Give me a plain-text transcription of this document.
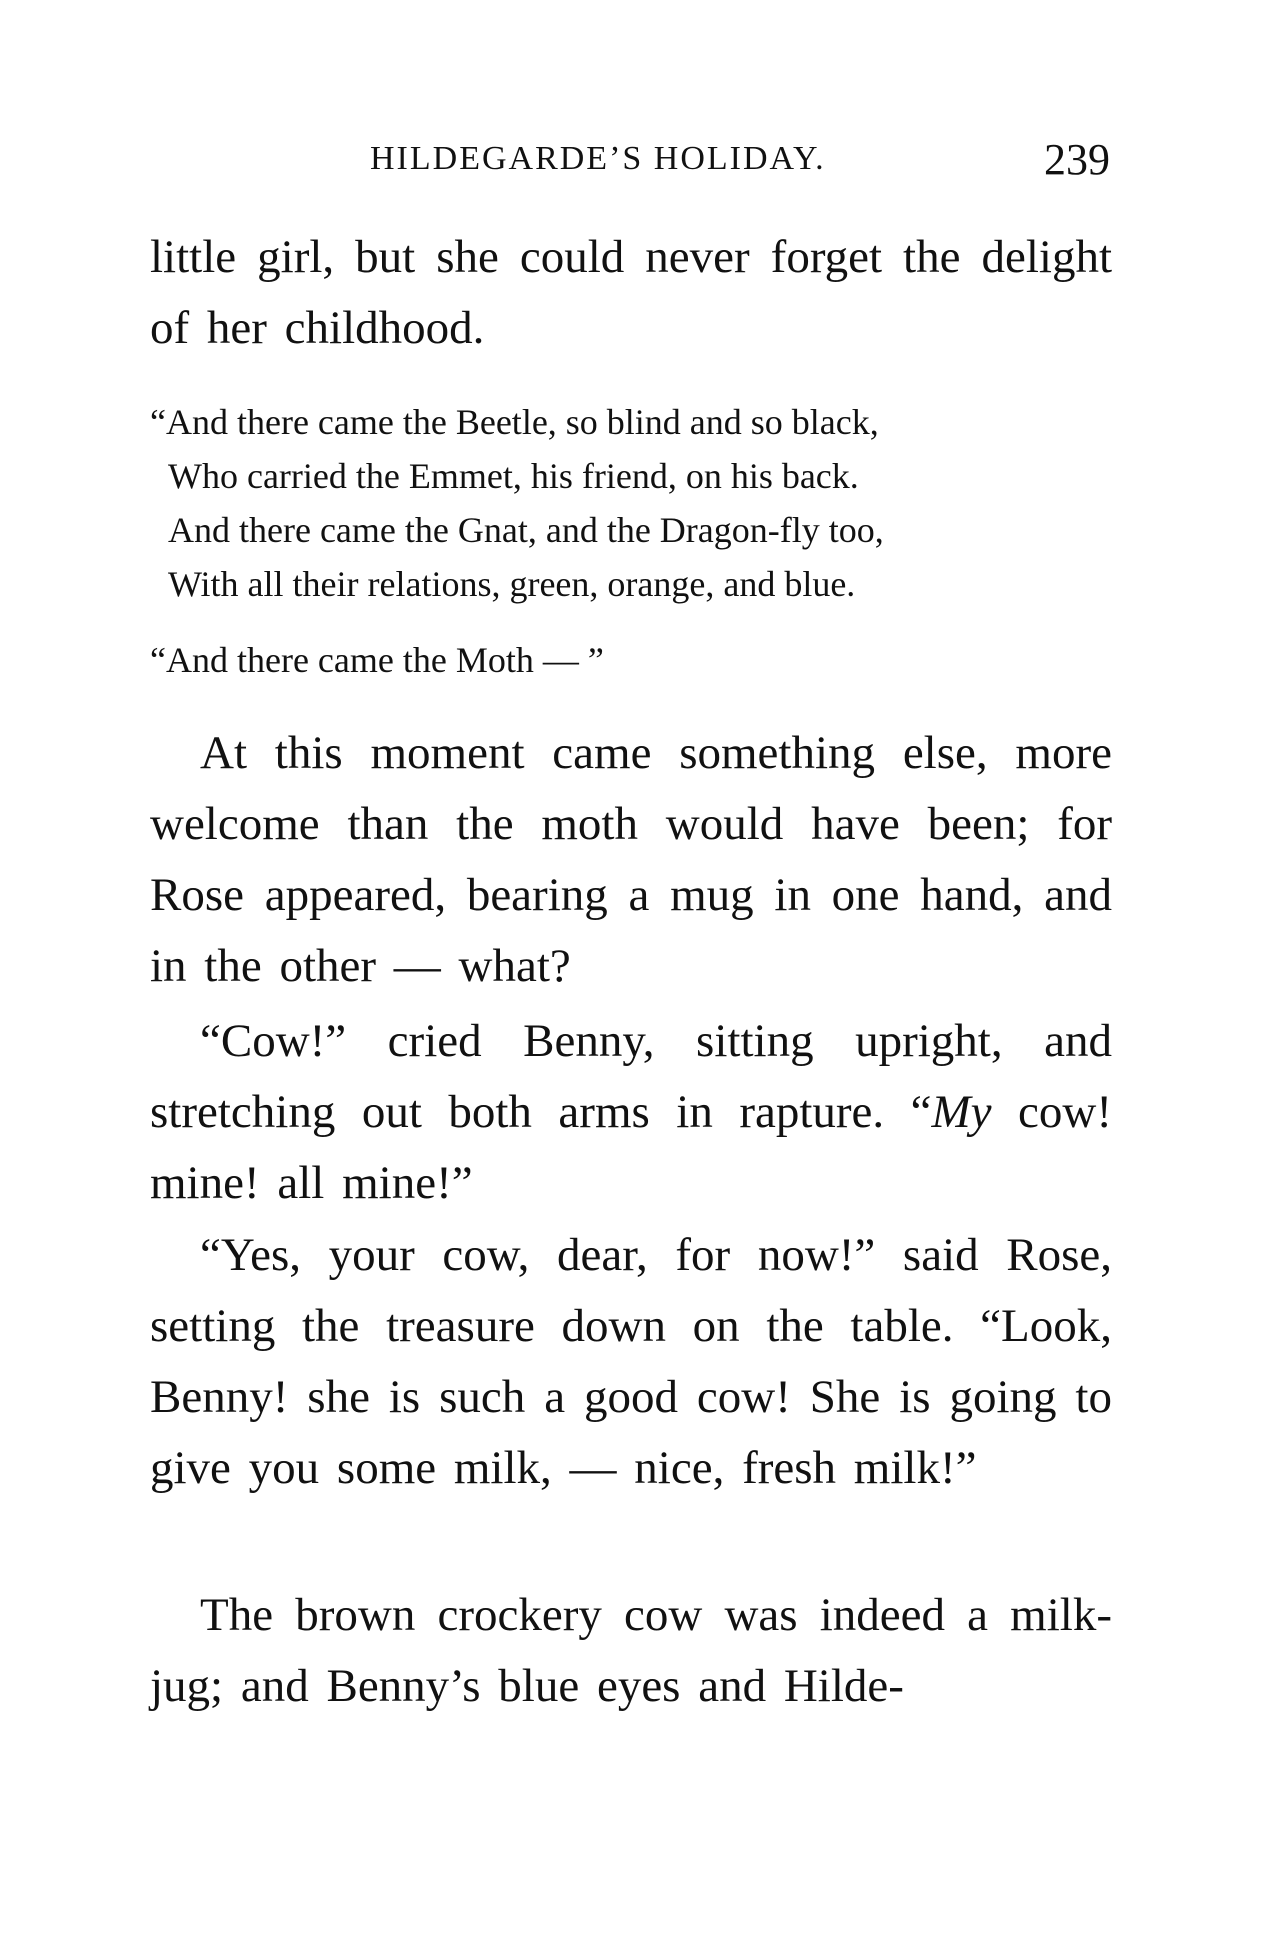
HILDEGARDE’S HOLIDAY.	239

little girl, but she could never forget the delight of her childhood.

“And there came the Beetle, so blind and so black,
Who carried the Emmet, his friend, on his back.
And there came the Gnat, and the Dragon-fly too,
With all their relations, green, orange, and blue.
“And there came the Moth — ”

At this moment came something else, more welcome than the moth would have been; for Rose appeared, bearing a mug in one hand, and in the other — what?

“Cow!” cried Benny, sitting upright, and stretching out both arms in rapture. “My cow! mine! all mine!”

“Yes, your cow, dear, for now!” said Rose, setting the treasure down on the table. “Look, Benny! she is such a good cow! She is going to give you some milk, — nice, fresh milk!”

The brown crockery cow was indeed a milk-jug; and Benny’s blue eyes and Hilde-
